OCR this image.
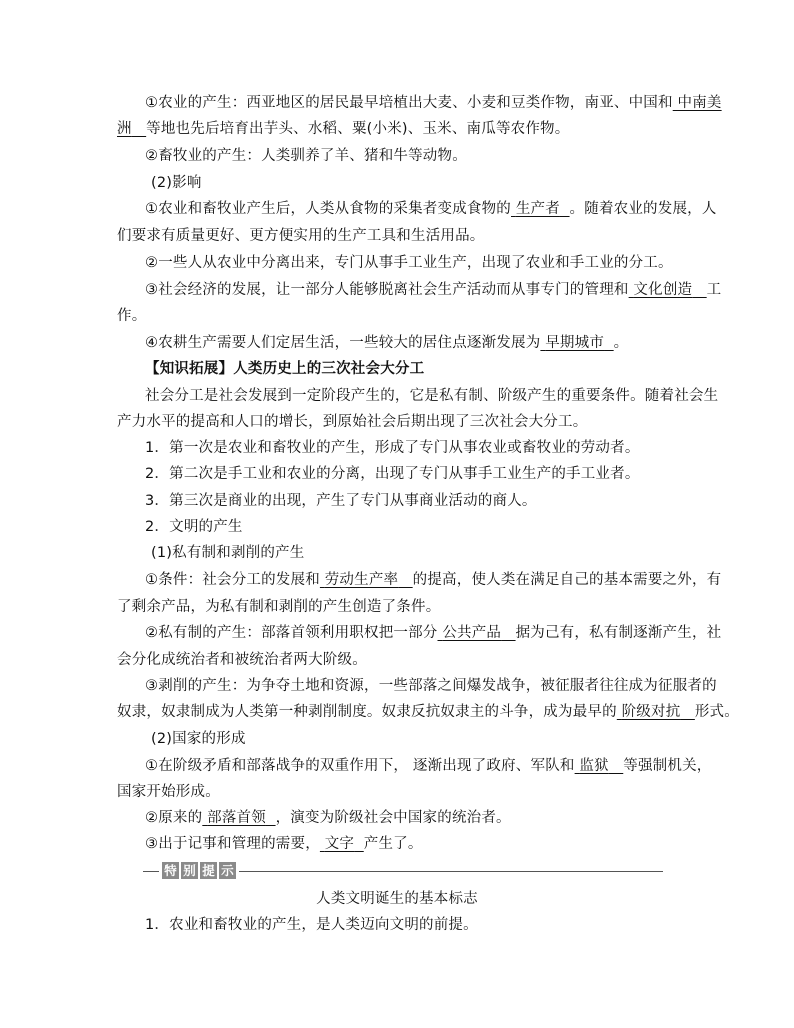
①农业的产生：西亚地区的居民最早培植出大麦、小麦和豆类作物，南亚、中国和 中南美
洲 等地也先后培育出芋头、水稻、粟(小米)、玉米、南瓜等农作物。
②畜牧业的产生：人类驯养了羊、猪和牛等动物。
(2)影响
①农业和畜牧业产生后，人类从食物的采集者变成食物的 生产者 。随着农业的发展，人
们要求有质量更好、更方便实用的生产工具和生活用品。
②一些人从农业中分离出来，专门从事手工业生产，出现了农业和手工业的分工。
③社会经济的发展，让一部分人能够脱离社会生产活动而从事专门的管理和 文化创造 工
作。
④农耕生产需要人们定居生活，一些较大的居住点逐渐发展为 早期城市 。
【知识拓展】人类历史上的三次社会大分工
社会分工是社会发展到一定阶段产生的，它是私有制、阶级产生的重要条件。随着社会生
产力水平的提高和人口的增长，到原始社会后期出现了三次社会大分工。
1．第一次是农业和畜牧业的产生，形成了专门从事农业或畜牧业的劳动者。
2．第二次是手工业和农业的分离，出现了专门从事手工业生产的手工业者。
3．第三次是商业的出现，产生了专门从事商业活动的商人。
2．文明的产生
(1)私有制和剥削的产生
①条件：社会分工的发展和 劳动生产率 的提高，使人类在满足自己的基本需要之外，有
了剩余产品，为私有制和剥削的产生创造了条件。
②私有制的产生：部落首领利用职权把一部分 公共产品 据为己有，私有制逐渐产生，社
会分化成统治者和被统治者两大阶级。
③剥削的产生：为争夺土地和资源，一些部落之间爆发战争，被征服者往往成为征服者的
奴隶，奴隶制成为人类第一种剥削制度。奴隶反抗奴隶主的斗争，成为最早的 阶级对抗 形式。
(2)国家的形成
①在阶级矛盾和部落战争的双重作用下， 逐渐出现了政府、军队和 监狱 等强制机关，
国家开始形成。
②原来的 部落首领 ，演变为阶级社会中国家的统治者。
③出于记事和管理的需要， 文字 产生了。
特 别 提 示
人类文明诞生的基本标志
1．农业和畜牧业的产生，是人类迈向文明的前提。
